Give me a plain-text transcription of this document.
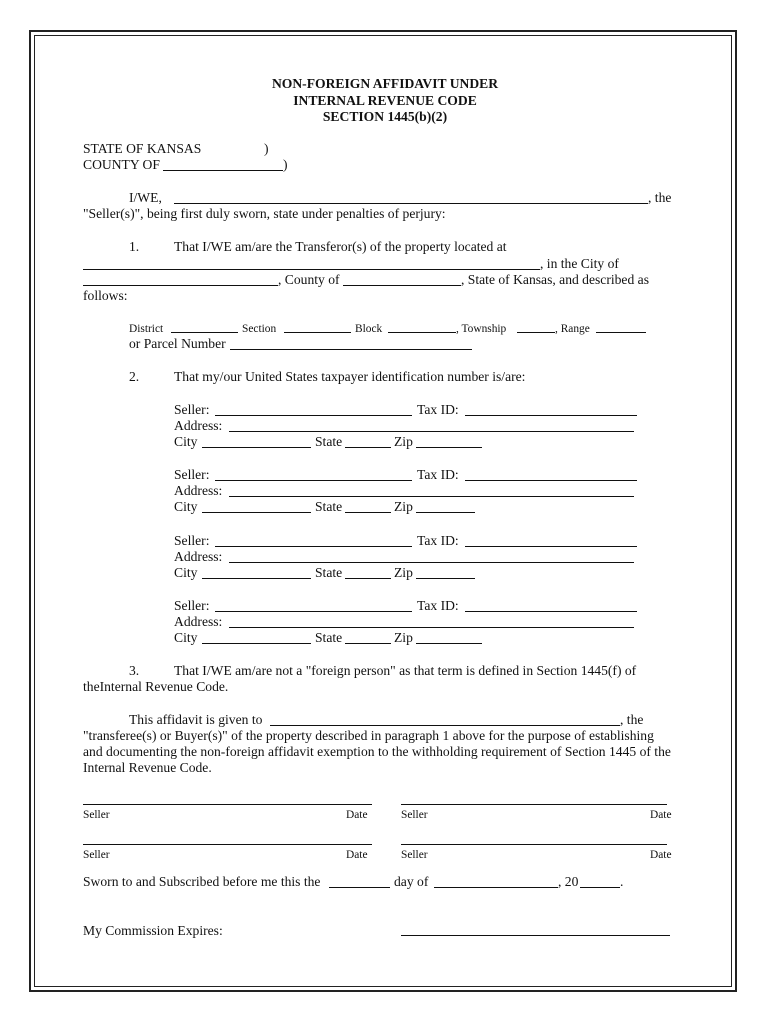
NON-FOREIGN AFFIDAVIT UNDER
INTERNAL REVENUE CODE
SECTION 1445(b)(2)
STATE OF KANSAS	)
COUNTY OF	)
I/WE,	, the
"Seller(s)", being first duly sworn, state under penalties of perjury:
1.	That I/WE am/are the Transferor(s) of the property located at
, in the City of
, County of	, State of Kansas, and described as
follows:
District	Section	Block	, Township	, Range
or Parcel Number
2.	That my/our United States taxpayer identification number is/are:
Seller:	Tax ID:
Address:
City	State	Zip
Seller:	Tax ID:
Address:
City	State	Zip
Seller:	Tax ID:
Address:
City	State	Zip
Seller:	Tax ID:
Address:
City	State	Zip
3.	That I/WE am/are not a "foreign person" as that term is defined in Section 1445(f) of
theInternal Revenue Code.
This affidavit is given to	, the
"transferee(s) or Buyer(s)" of the property described in paragraph 1 above for the purpose of establishing
and documenting the non-foreign affidavit exemption to the withholding requirement of Section 1445 of the
Internal Revenue Code.
Seller	Date	Seller	Date
Seller	Date	Seller	Date
Sworn to and Subscribed before me this the	day of	, 20	.
My Commission Expires:
